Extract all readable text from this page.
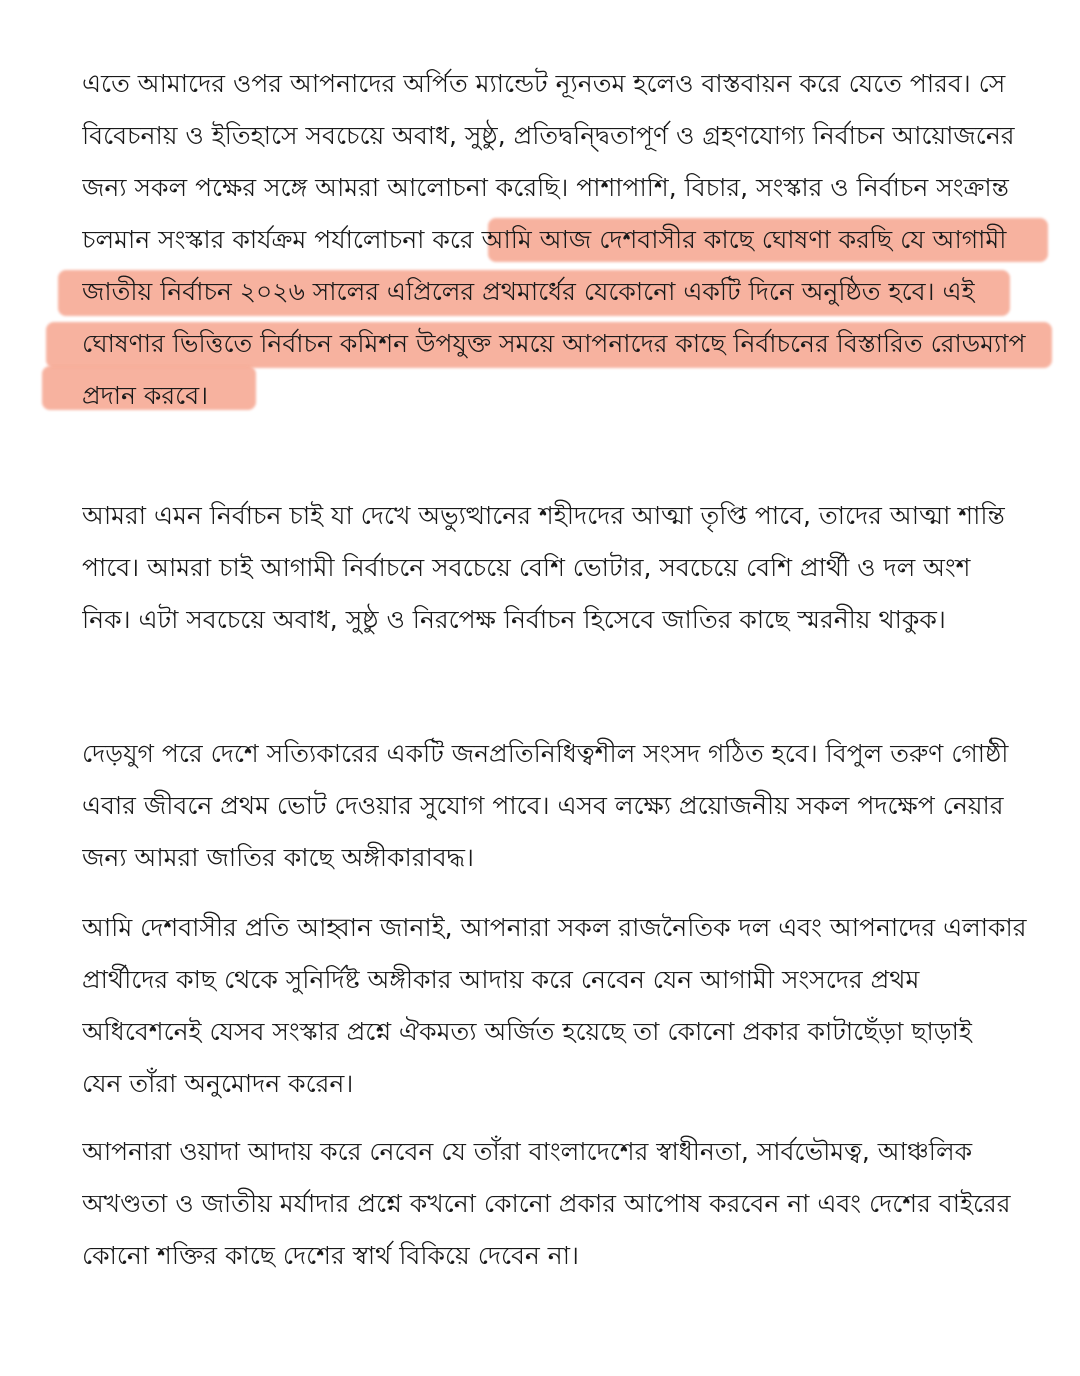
এতে আমাদের ওপর আপনাদের অর্পিত ম্যান্ডেট ন্যূনতম হলেও বাস্তবায়ন করে যেতে পারব। সে
বিবেচনায় ও ইতিহাসে সবচেয়ে অবাধ, সুষ্ঠু, প্রতিদ্বন্দ্বিতাপূর্ণ ও গ্রহণযোগ্য নির্বাচন আয়োজনের
জন্য সকল পক্ষের সঙ্গে আমরা আলোচনা করেছি। পাশাপাশি, বিচার, সংস্কার ও নির্বাচন সংক্রান্ত
চলমান সংস্কার কার্যক্রম পর্যালোচনা করে আমি আজ দেশবাসীর কাছে ঘোষণা করছি যে আগামী
জাতীয় নির্বাচন ২০২৬ সালের এপ্রিলের প্রথমার্ধের যেকোনো একটি দিনে অনুষ্ঠিত হবে। এই
ঘোষণার ভিত্তিতে নির্বাচন কমিশন উপযুক্ত সময়ে আপনাদের কাছে নির্বাচনের বিস্তারিত রোডম্যাপ
প্রদান করবে।
আমরা এমন নির্বাচন চাই যা দেখে অভ্যুত্থানের শহীদদের আত্মা তৃপ্তি পাবে, তাদের আত্মা শান্তি
পাবে। আমরা চাই আগামী নির্বাচনে সবচেয়ে বেশি ভোটার, সবচেয়ে বেশি প্রার্থী ও দল অংশ
নিক। এটা সবচেয়ে অবাধ, সুষ্ঠু ও নিরপেক্ষ নির্বাচন হিসেবে জাতির কাছে স্মরনীয় থাকুক।
দেড়যুগ পরে দেশে সত্যিকারের একটি জনপ্রতিনিধিত্বশীল সংসদ গঠিত হবে। বিপুল তরুণ গোষ্ঠী
এবার জীবনে প্রথম ভোট দেওয়ার সুযোগ পাবে। এসব লক্ষ্যে প্রয়োজনীয় সকল পদক্ষেপ নেয়ার
জন্য আমরা জাতির কাছে অঙ্গীকারাবদ্ধ।
আমি দেশবাসীর প্রতি আহ্বান জানাই, আপনারা সকল রাজনৈতিক দল এবং আপনাদের এলাকার
প্রার্থীদের কাছ থেকে সুনির্দিষ্ট অঙ্গীকার আদায় করে নেবেন যেন আগামী সংসদের প্রথম
অধিবেশনেই যেসব সংস্কার প্রশ্নে ঐকমত্য অর্জিত হয়েছে তা কোনো প্রকার কাটাছেঁড়া ছাড়াই
যেন তাঁরা অনুমোদন করেন।
আপনারা ওয়াদা আদায় করে নেবেন যে তাঁরা বাংলাদেশের স্বাধীনতা, সার্বভৌমত্ব, আঞ্চলিক
অখণ্ডতা ও জাতীয় মর্যাদার প্রশ্নে কখনো কোনো প্রকার আপোষ করবেন না এবং দেশের বাইরের
কোনো শক্তির কাছে দেশের স্বার্থ বিকিয়ে দেবেন না।
